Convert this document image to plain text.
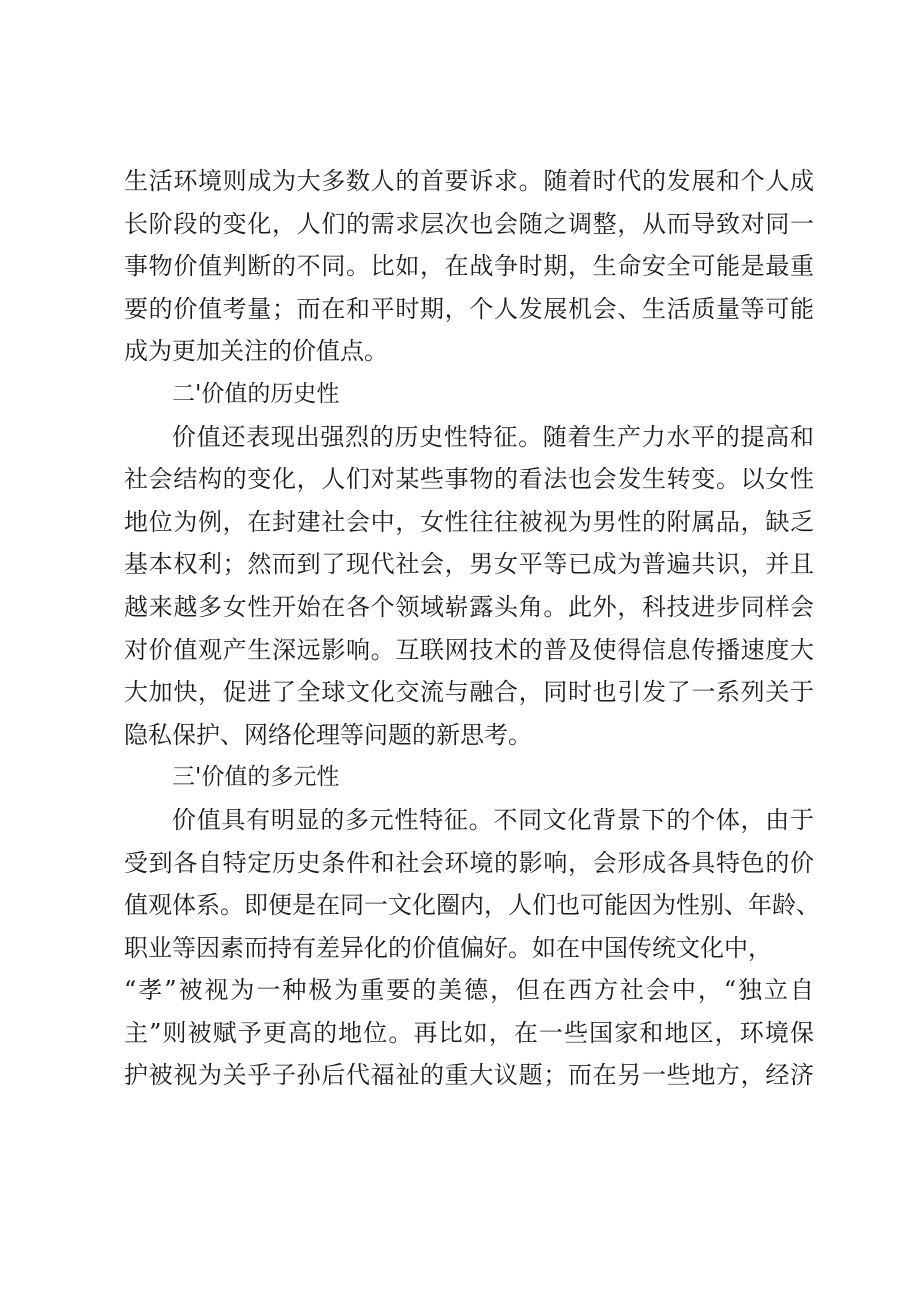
生活环境则成为大多数人的首要诉求。随着时代的发展和个人成
长阶段的变化，人们的需求层次也会随之调整，从而导致对同一
事物价值判断的不同。比如，在战争时期，生命安全可能是最重
要的价值考量；而在和平时期，个人发展机会、生活质量等可能
成为更加关注的价值点。
二'价值的历史性
价值还表现出强烈的历史性特征。随着生产力水平的提高和
社会结构的变化，人们对某些事物的看法也会发生转变。以女性
地位为例，在封建社会中，女性往往被视为男性的附属品，缺乏
基本权利；然而到了现代社会，男女平等已成为普遍共识，并且
越来越多女性开始在各个领域崭露头角。此外，科技进步同样会
对价值观产生深远影响。互联网技术的普及使得信息传播速度大
大加快，促进了全球文化交流与融合，同时也引发了一系列关于
隐私保护、网络伦理等问题的新思考。
三'价值的多元性
价值具有明显的多元性特征。不同文化背景下的个体，由于
受到各自特定历史条件和社会环境的影响，会形成各具特色的价
值观体系。即便是在同一文化圈内，人们也可能因为性别、年龄、
职业等因素而持有差异化的价值偏好。如在中国传统文化中，
“孝”被视为一种极为重要的美德，但在西方社会中，“独立自
主”则被赋予更高的地位。再比如，在一些国家和地区，环境保
护被视为关乎子孙后代福祉的重大议题；而在另一些地方，经济
